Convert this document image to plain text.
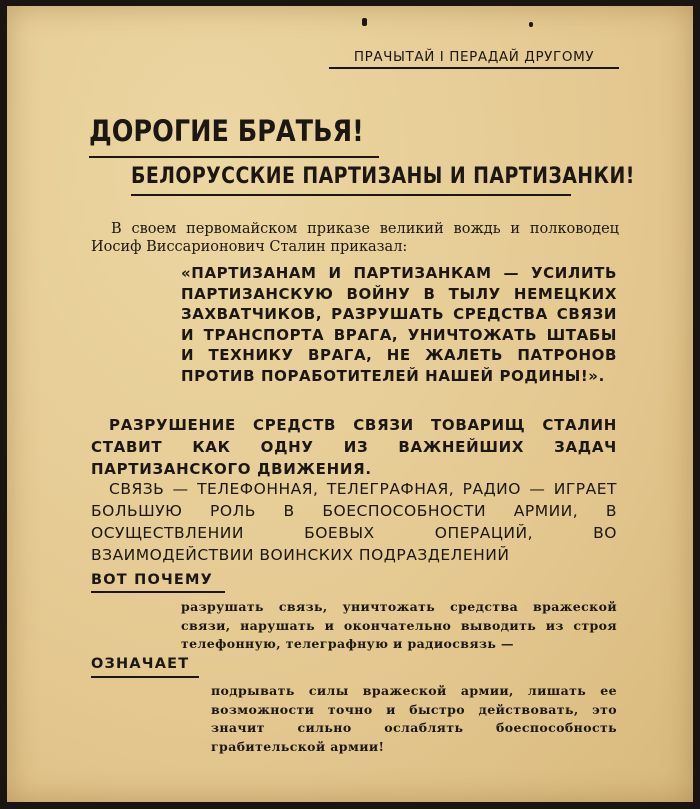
ПРАЧЫТАЙ І ПЕРАДАЙ ДРУГОМУ
ДОРОГИЕ БРАТЬЯ!
БЕЛОРУССКИЕ ПАРТИЗАНЫ И ПАРТИЗАНКИ!

В своем первомайском приказе великий вождь и полководец Иосиф Виссарионович Сталин приказал:

«ПАРТИЗАНАМ И ПАРТИЗАНКАМ — УСИЛИТЬ ПАРТИЗАНСКУЮ ВОЙНУ В ТЫЛУ НЕМЕЦКИХ ЗАХВАТЧИКОВ, РАЗРУШАТЬ СРЕДСТВА СВЯЗИ И ТРАНСПОРТА ВРАГА, УНИЧТОЖАТЬ ШТАБЫ И ТЕХНИКУ ВРАГА, НЕ ЖАЛЕТЬ ПАТРОНОВ ПРОТИВ ПОРАБОТИТЕЛЕЙ НАШЕЙ РОДИНЫ!».

РАЗРУШЕНИЕ СРЕДСТВ СВЯЗИ ТОВАРИЩ СТАЛИН СТАВИТ КАК ОДНУ ИЗ ВАЖНЕЙШИХ ЗАДАЧ ПАРТИЗАНСКОГО ДВИЖЕНИЯ.

СВЯЗЬ — ТЕЛЕФОННАЯ, ТЕЛЕГРАФНАЯ, РАДИО — ИГРАЕТ БОЛЬШУЮ РОЛЬ В БОЕСПОСОБНОСТИ АРМИИ, В ОСУЩЕСТВЛЕНИИ БОЕВЫХ ОПЕРАЦИЙ, ВО ВЗАИМОДЕЙСТВИИ ВОИНСКИХ ПОДРАЗДЕЛЕНИЙ

ВОТ ПОЧЕМУ

разрушать связь, уничтожать средства вражеской связи, нарушать и окончательно выводить из строя телефонную, телеграфную и радиосвязь —

ОЗНАЧАЕТ

подрывать силы вражеской армии, лишать ее возможности точно и быстро действовать, это значит сильно ослаблять боеспособность грабительской армии!
